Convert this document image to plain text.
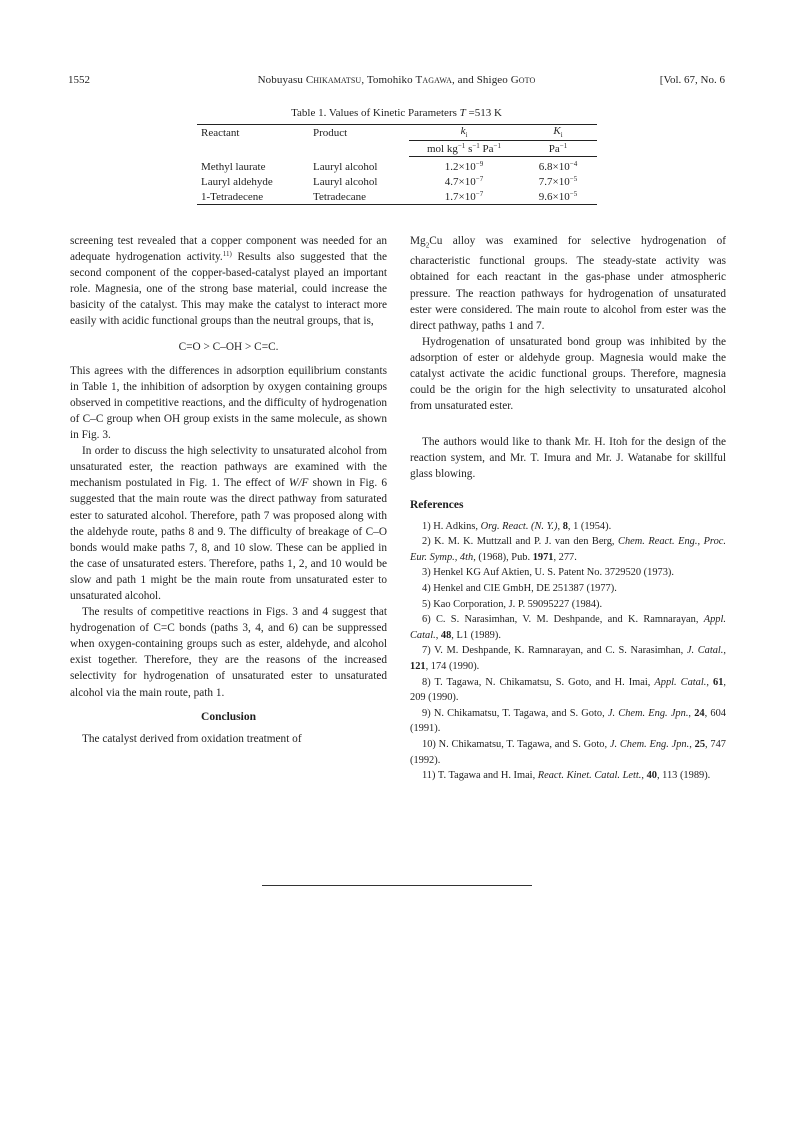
1552	Nobuyasu Chikamatsu, Tomohiko Tagawa, and Shigeo Goto	[Vol. 67, No. 6
Table 1. Values of Kinetic Parameters T =513 K
Reactant	Product	$k_i$	$K_i$
		mol $kg^{-1}$ $s^{-1}$ $Pa^{-1}$	$Pa^{-1}$

Methyl laurate	Lauryl alcohol	$1.2\times 10^{-9}$	$6.8\times 10^{-4}$
Lauryl aldehyde	Lauryl alcohol	$4.7\times 10^{-7}$	$7.7\times 10^{-5}$
1-Tetradecene	Tetradecane	$1.7\times 10^{-7}$	$9.6\times 10^{-5}$

screening test revealed that a copper component was needed for an adequate hydrogenation activity.$^{11)}$ Results also suggested that the second component of the copper-based-catalyst played an important role. Magnesia, one of the strong base material, could increase the basicity of the catalyst. This may make the catalyst to interact more easily with acidic functional groups than the neutral groups, that is,

C=O > C–OH > C=C.

This agrees with the differences in adsorption equilibrium constants in Table 1, the inhibition of adsorption by oxygen containing groups observed in competitive reactions, and the difficulty of hydrogenation of C–C group when OH group exists in the same molecule, as shown in Fig. 3.

In order to discuss the high selectivity to unsaturated alcohol from unsaturated ester, the reaction pathways are examined with the mechanism postulated in Fig. 1. The effect of W/F shown in Fig. 6 suggested that the main route was the direct pathway from saturated ester to saturated alcohol. Therefore, path 7 was proposed along with the aldehyde route, paths 8 and 9. The difficulty of breakage of C–O bonds would make paths 7, 8, and 10 slow. These can be applied in the case of unsaturated esters. Therefore, paths 1, 2, and 10 would be slow and path 1 might be the main route from unsaturated ester to unsaturated alcohol.

The results of competitive reactions in Figs. 3 and 4 suggest that hydrogenation of C=C bonds (paths 3, 4, and 6) can be suppressed when oxygen-containing groups such as ester, aldehyde, and alcohol exist together. Therefore, they are the reasons of the increased selectivity for hydrogenation of unsaturated ester to unsaturated alcohol via the main route, path 1.

Conclusion

The catalyst derived from oxidation treatment of

$Mg_2Cu$ alloy was examined for selective hydrogenation of characteristic functional groups. The steady-state activity was obtained for each reactant in the gas-phase under atmospheric pressure. The reaction pathways for hydrogenation of unsaturated ester were considered. The main route to alcohol from ester was the direct pathway, paths 1 and 7.

Hydrogenation of unsaturated bond group was inhibited by the adsorption of ester or aldehyde group. Magnesia would make the catalyst activate the acidic functional groups. Therefore, magnesia could be the origin for the high selectivity to unsaturated alcohol from unsaturated ester.

The authors would like to thank Mr. H. Itoh for the design of the reaction system, and Mr. T. Imura and Mr. J. Watanabe for skillful glass blowing.

References

1) H. Adkins, Org. React. (N. Y.), 8, 1 (1954).

2) K. M. K. Muttzall and P. J. van den Berg, Chem. React. Eng., Proc. Eur. Symp., 4th, (1968), Pub. 1971, 277.

3) Henkel KG Auf Aktien, U. S. Patent No. 3729520 (1973).

4) Henkel and CIE GmbH, DE 251387 (1977).

5) Kao Corporation, J. P. 59095227 (1984).

6) C. S. Narasimhan, V. M. Deshpande, and K. Ramnarayan, Appl. Catal., 48, L1 (1989).

7) V. M. Deshpande, K. Ramnarayan, and C. S. Narasimhan, J. Catal., 121, 174 (1990).

8) T. Tagawa, N. Chikamatsu, S. Goto, and H. Imai, Appl. Catal., 61, 209 (1990).

9) N. Chikamatsu, T. Tagawa, and S. Goto, J. Chem. Eng. Jpn., 24, 604 (1991).

10) N. Chikamatsu, T. Tagawa, and S. Goto, J. Chem. Eng. Jpn., 25, 747 (1992).

11) T. Tagawa and H. Imai, React. Kinet. Catal. Lett., 40, 113 (1989).
